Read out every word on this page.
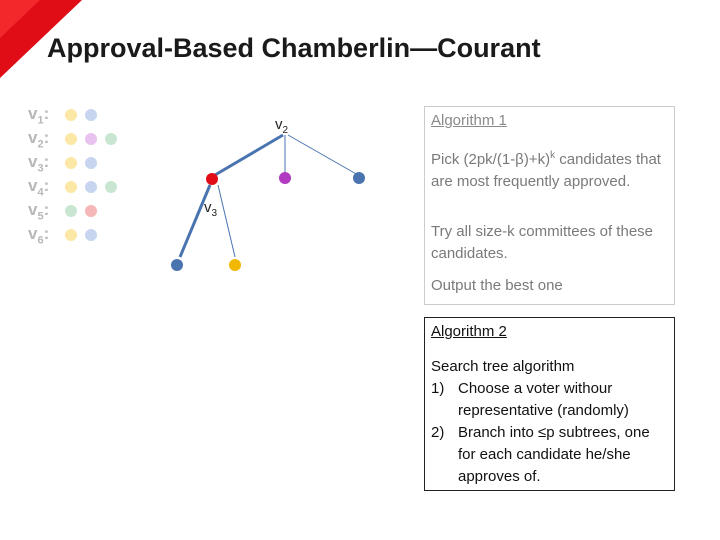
Approval-Based Chamberlin—Courant
$v_1$:
$v_2$:
$v_3$:
$v_4$:
$v_5$:
$v_6$:
$v_2$
$v_3$
Algorithm 1
Pick $(2pk/(1-\beta)+k)^k$ candidates that are most frequently approved.
Try all size-k committees of these candidates.
Output the best one
Algorithm 2
Search tree algorithm
1) Choose a voter withour representative (randomly)
2) Branch into ≤p subtrees, one for each candidate he/she approves of.
